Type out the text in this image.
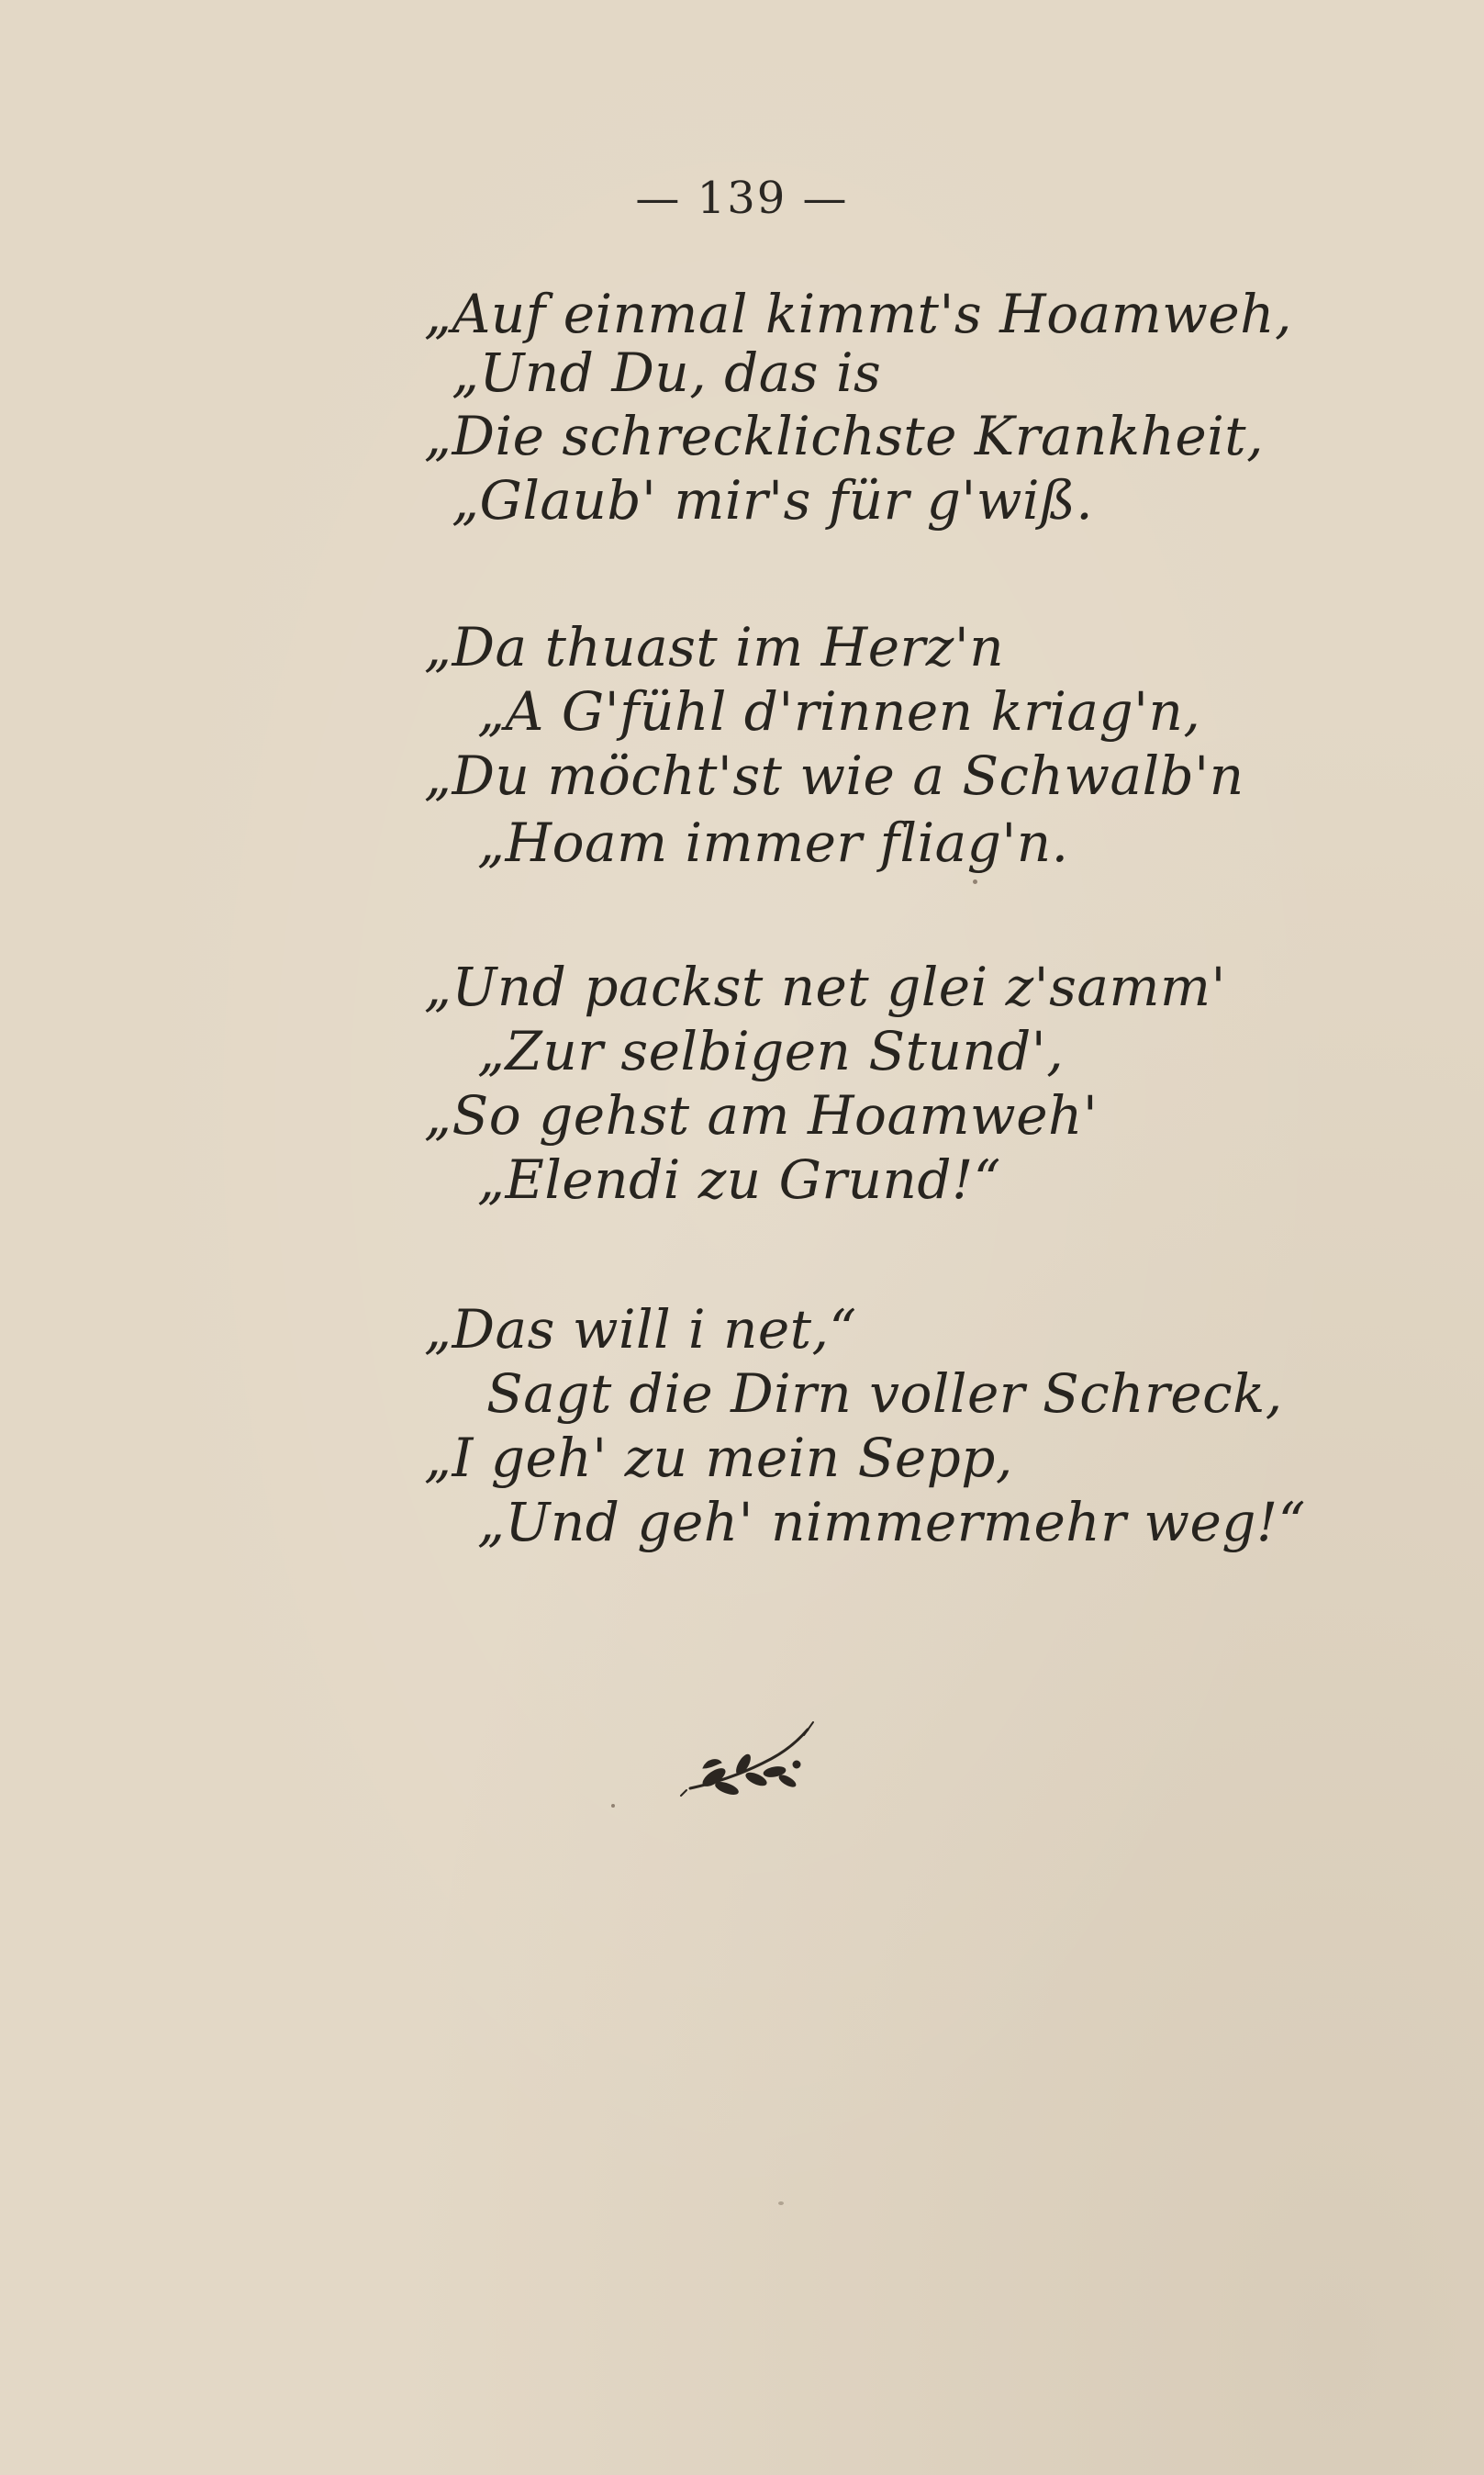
— 139 —
„Auf einmal kimmt's Hoamweh,
„Und Du, das is
„Die schrecklichste Krankheit,
„Glaub' mir's für g'wiß.
„Da thuast im Herz'n
„A G'fühl d'rinnen kriag'n,
„Du möcht'st wie a Schwalb'n
„Hoam immer fliag'n.
„Und packst net glei z'samm'
„Zur selbigen Stund',
„So gehst am Hoamweh'
„Elendi zu Grund!“
„Das will i net,“
Sagt die Dirn voller Schreck,
„I geh' zu mein Sepp,
„Und geh' nimmermehr weg!“
